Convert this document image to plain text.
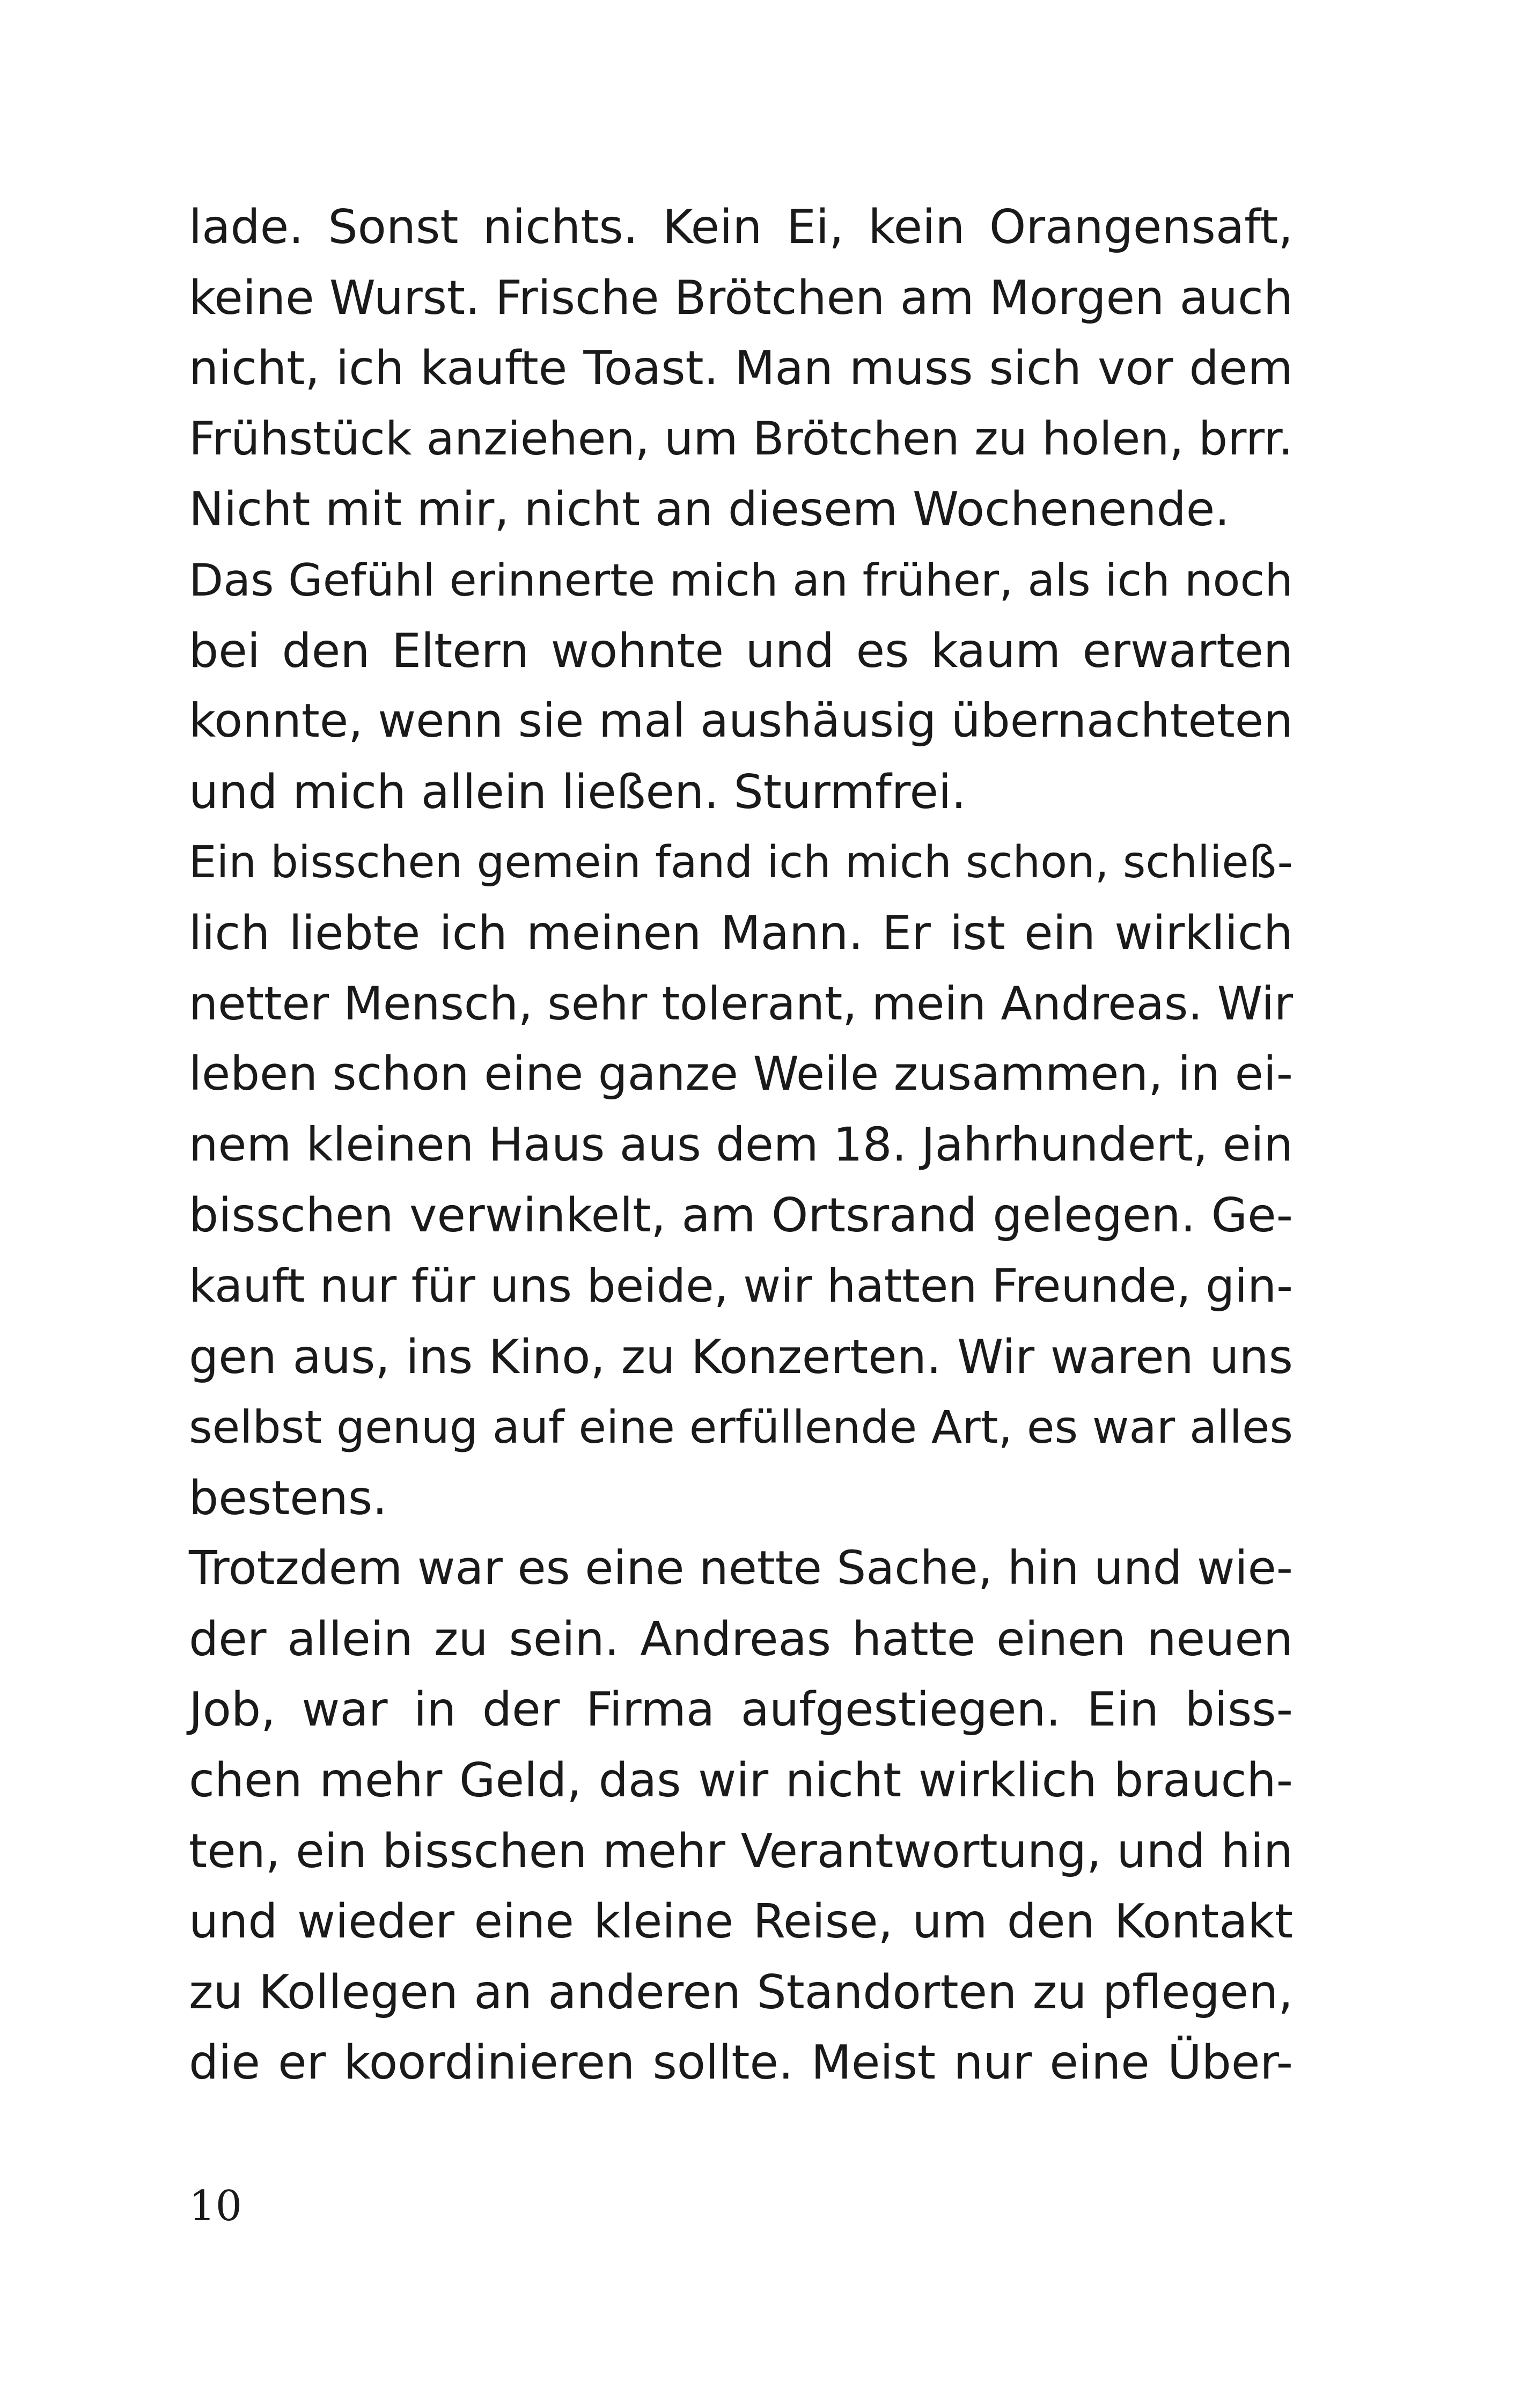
lade. Sonst nichts. Kein Ei, kein Orangensaft,
keine Wurst. Frische Brötchen am Morgen auch
nicht, ich kaufte Toast. Man muss sich vor dem
Frühstück anziehen, um Brötchen zu holen, brrr.
Nicht mit mir, nicht an diesem Wochenende.
Das Gefühl erinnerte mich an früher, als ich noch
bei den Eltern wohnte und es kaum erwarten
konnte, wenn sie mal aushäusig übernachteten
und mich allein ließen. Sturmfrei.
Ein bisschen gemein fand ich mich schon, schließ-
lich liebte ich meinen Mann. Er ist ein wirklich
netter Mensch, sehr tolerant, mein Andreas. Wir
leben schon eine ganze Weile zusammen, in ei-
nem kleinen Haus aus dem 18. Jahrhundert, ein
bisschen verwinkelt, am Ortsrand gelegen. Ge-
kauft nur für uns beide, wir hatten Freunde, gin-
gen aus, ins Kino, zu Konzerten. Wir waren uns
selbst genug auf eine erfüllende Art, es war alles
bestens.
Trotzdem war es eine nette Sache, hin und wie-
der allein zu sein. Andreas hatte einen neuen
Job, war in der Firma aufgestiegen. Ein biss-
chen mehr Geld, das wir nicht wirklich brauch-
ten, ein bisschen mehr Verantwortung, und hin
und wieder eine kleine Reise, um den Kontakt
zu Kollegen an anderen Standorten zu pflegen,
die er koordinieren sollte. Meist nur eine Über-
10
